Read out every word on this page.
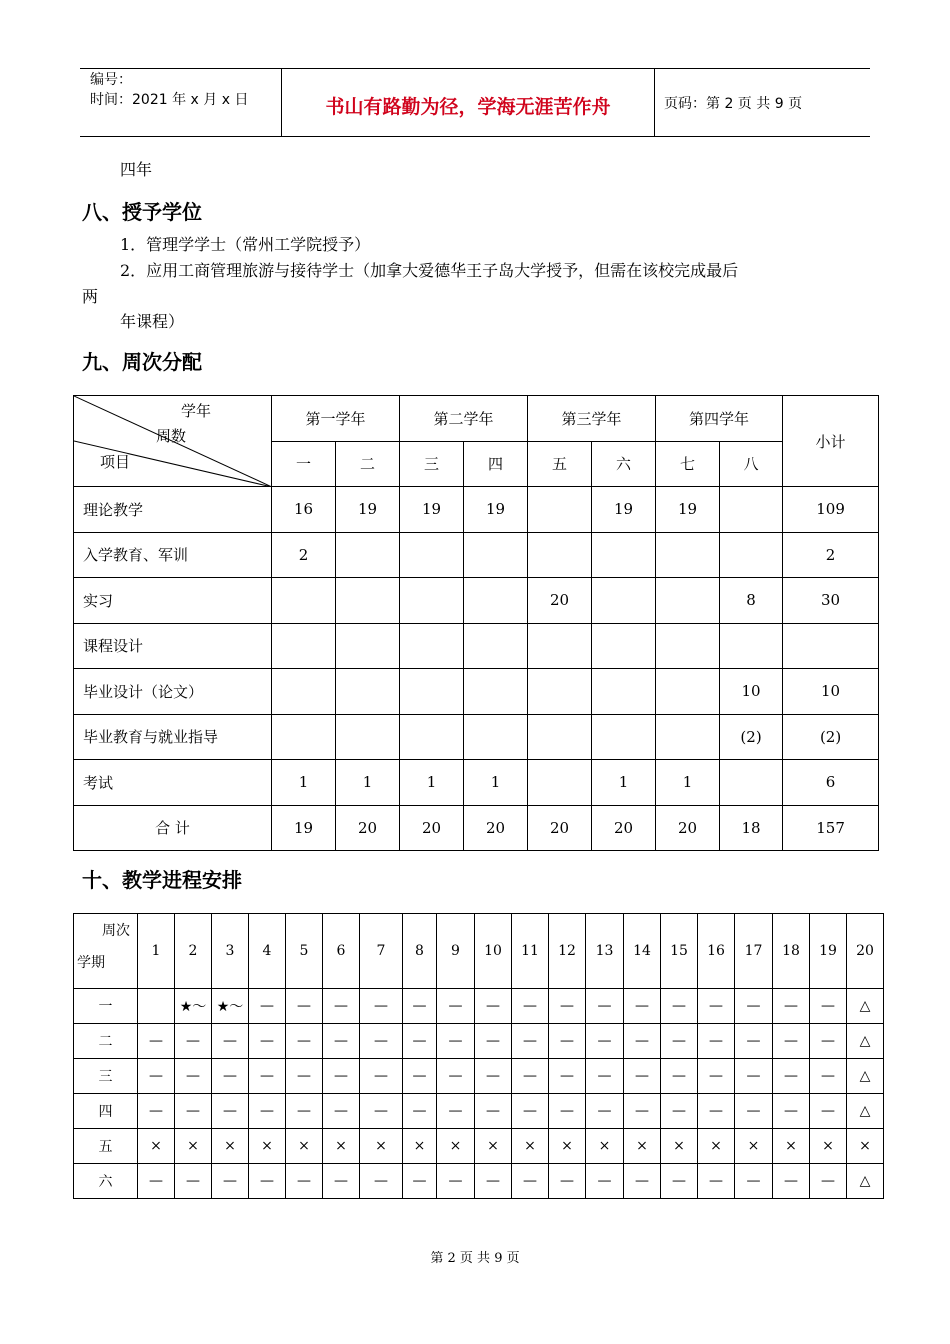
编号：
时间：2021 年 x 月 x 日	书山有路勤为径，学海无涯苦作舟	页码：第 2 页 共 9 页
四年
八、授予学位
1．管理学学士（常州工学院授予）
2．应用工商管理旅游与接待学士（加拿大爱德华王子岛大学授予，但需在该校完成最后
两
年课程）
九、周次分配
学年
周数
项目	第一学年		第二学年		第三学年		第四学年		小计
	一	二	三	四	五	六	七	八	
理论教学	16	19	19	19		19	19		109
入学教育、军训	2								2
实习					20			8	30
课程设计									
毕业设计（论文）								10	10
毕业教育与就业指导								(2)	(2)
考试	1	1	1	1		1	1		6
合 计	19	20	20	20	20	20	20	18	157
十、教学进程安排
周次
学期	1	2	3	4	5	6	7	8	9	10	11	12	13	14	15	16	17	18	19	20
一		★～	★～	—	—	—	—	—	—	—	—	—	—	—	—	—	—	—	—	△
二	—	—	—	—	—	—	—	—	—	—	—	—	—	—	—	—	—	—	—	△
三	—	—	—	—	—	—	—	—	—	—	—	—	—	—	—	—	—	—	—	△
四	—	—	—	—	—	—	—	—	—	—	—	—	—	—	—	—	—	—	—	△
五	×	×	×	×	×	×	×	×	×	×	×	×	×	×	×	×	×	×	×	×
六	—	—	—	—	—	—	—	—	—	—	—	—	—	—	—	—	—	—	—	△
第 2 页 共 9 页
